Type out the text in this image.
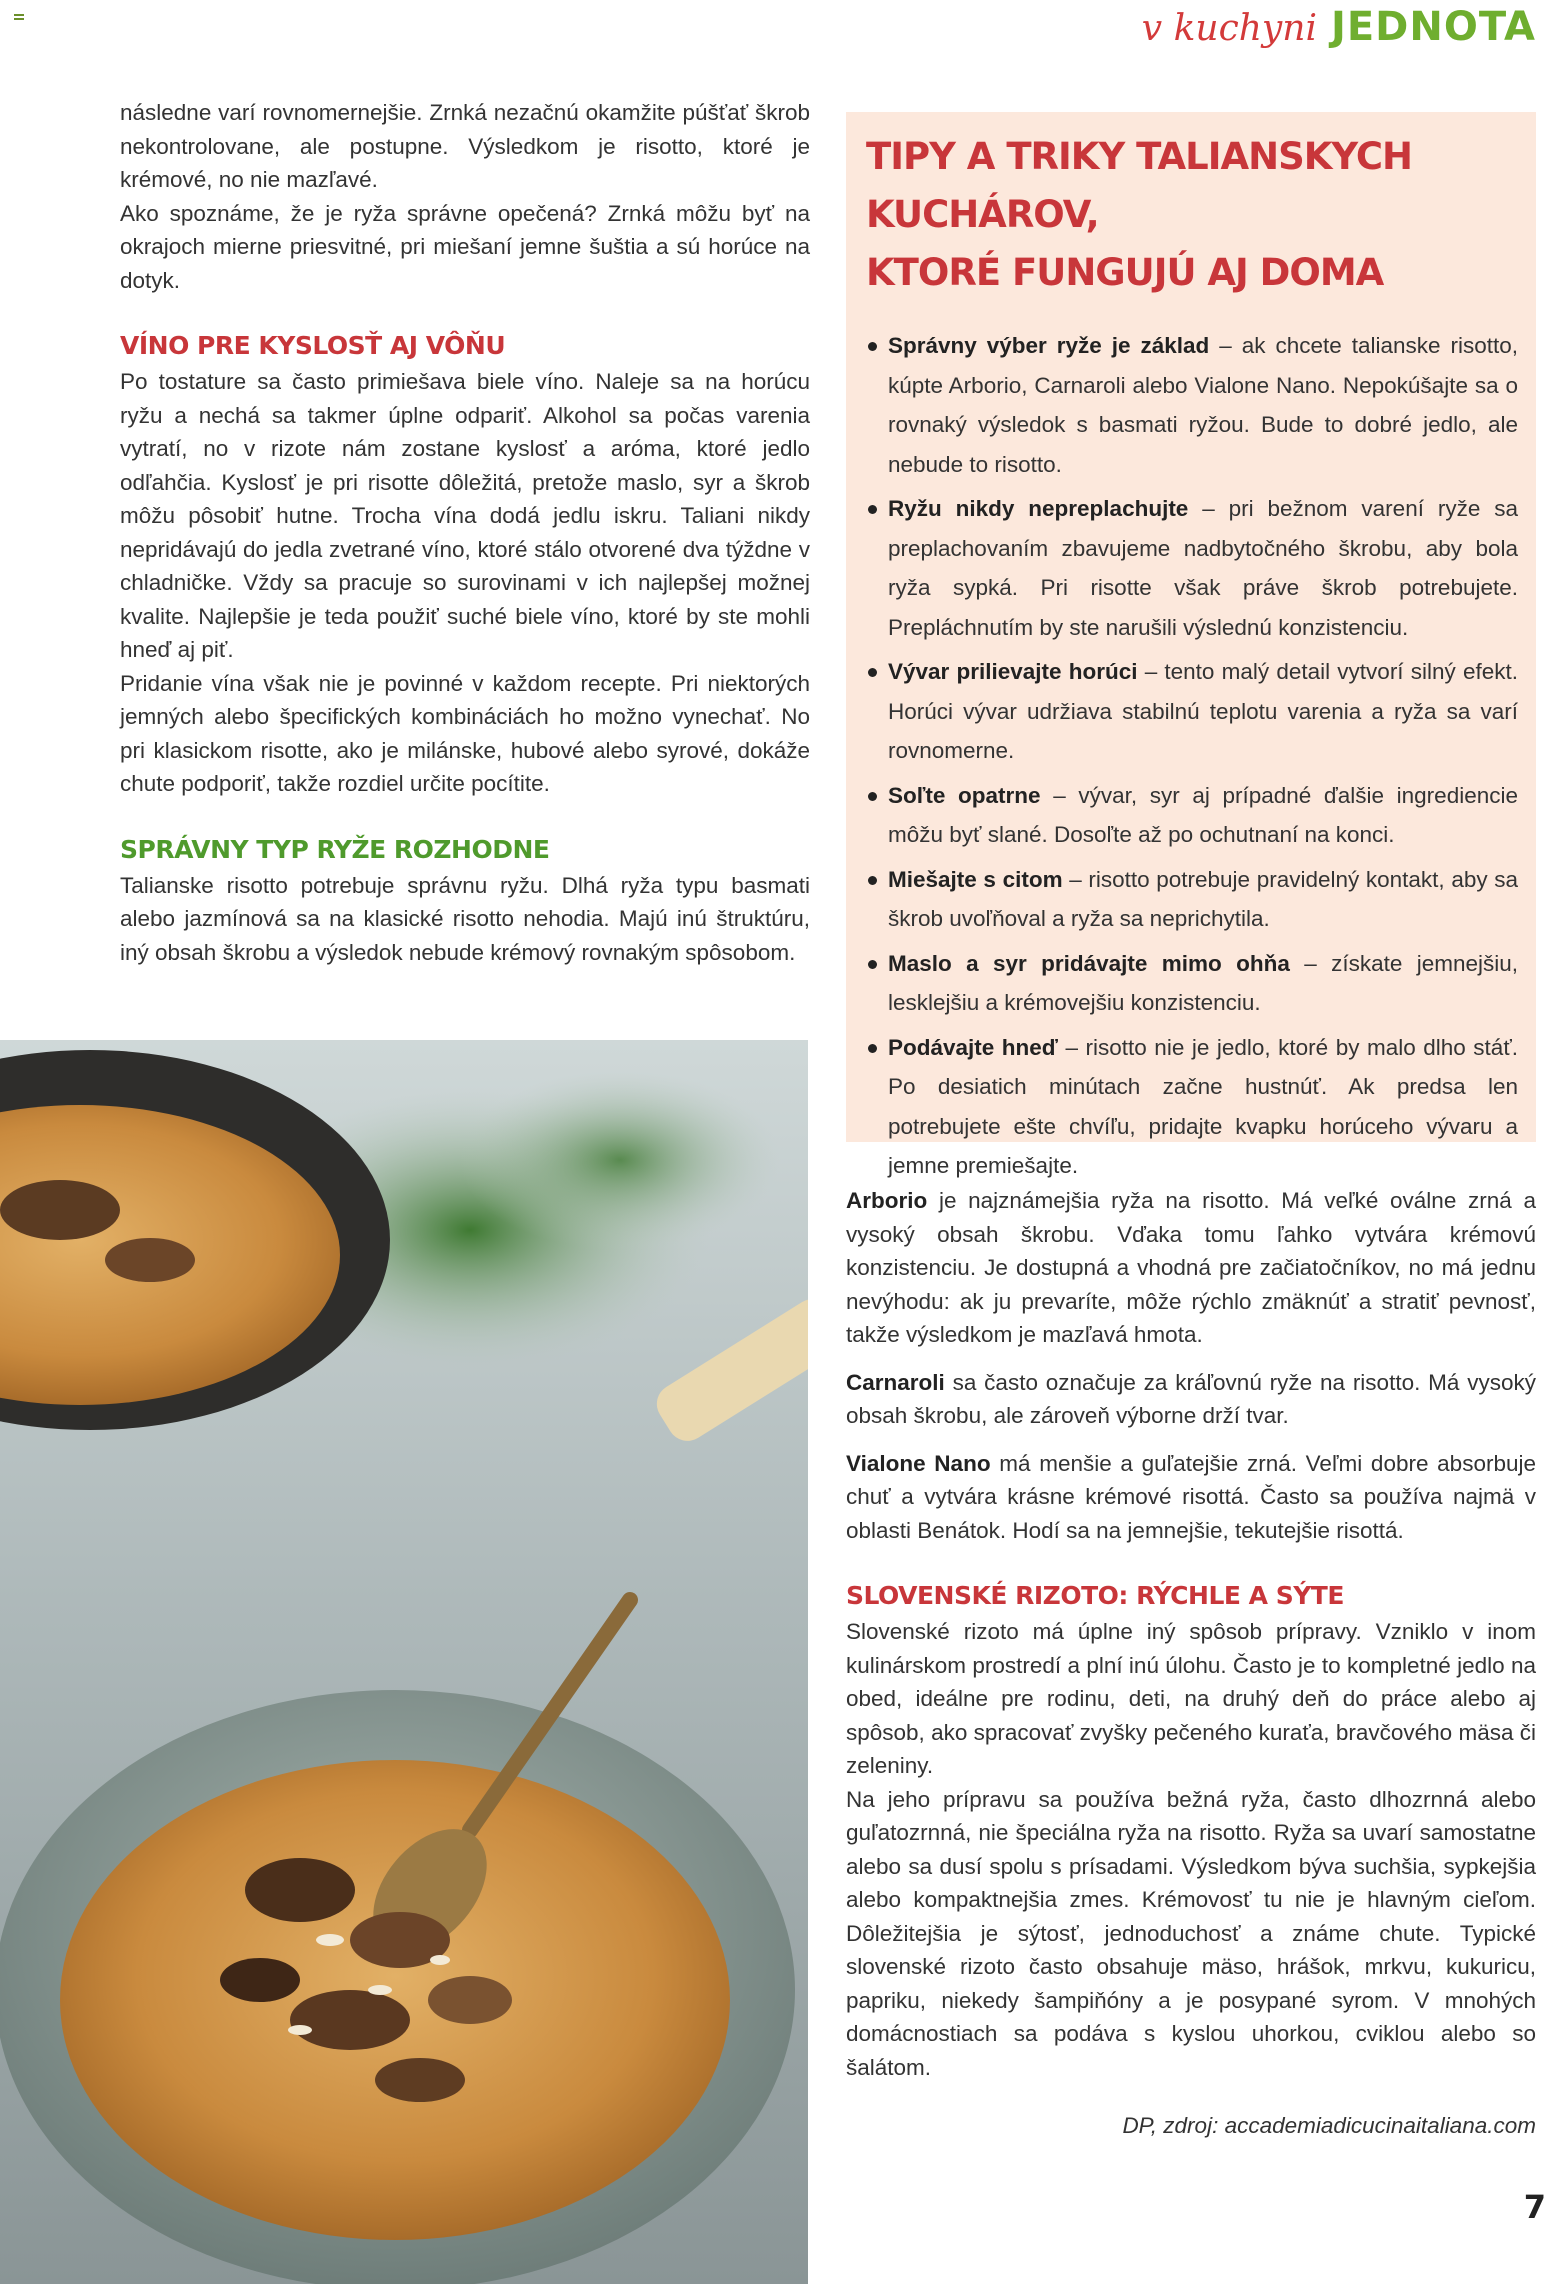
v kuchyni JEDNOTA

následne varí rovnomernejšie. Zrnká nezačnú okamžite púšťať škrob nekontrolovane, ale postupne. Výsledkom je risotto, ktoré je krémové, no nie mazľavé.

Ako spoznáme, že je ryža správne opečená? Zrnká môžu byť na okrajoch mierne priesvitné, pri miešaní jemne šuštia a sú horúce na dotyk.

VÍNO PRE KYSLOSŤ AJ VÔŇU

Po tostature sa často primiešava biele víno. Naleje sa na horúcu ryžu a nechá sa takmer úplne odpariť. Alkohol sa počas varenia vytratí, no v rizote nám zostane kyslosť a aróma, ktoré jedlo odľahčia. Kyslosť je pri risotte dôležitá, pretože maslo, syr a škrob môžu pôsobiť hutne. Trocha vína dodá jedlu iskru. Taliani nikdy nepridávajú do jedla zvetrané víno, ktoré stálo otvorené dva týždne v chladničke. Vždy sa pracuje so surovinami v ich najlepšej možnej kvalite. Najlepšie je teda použiť suché biele víno, ktoré by ste mohli hneď aj piť.

Pridanie vína však nie je povinné v každom recepte. Pri niektorých jemných alebo špecifických kombináciách ho možno vynechať. No pri klasickom risotte, ako je milánske, hubové alebo syrové, dokáže chute podporiť, takže rozdiel určite pocítite.

SPRÁVNY TYP RYŽE ROZHODNE

Talianske risotto potrebuje správnu ryžu. Dlhá ryža typu basmati alebo jazmínová sa na klasické risotto nehodia. Majú inú štruktúru, iný obsah škrobu a výsledok nebude krémový rovnakým spôsobom.

TIPY A TRIKY TALIANSKYCH KUCHÁROV,
KTORÉ FUNGUJÚ AJ DOMA
Správny výber ryže je základ – ak chcete talianske risotto, kúpte Arborio, Carnaroli alebo Vialone Nano. Nepokúšajte sa o rovnaký výsledok s basmati ryžou. Bude to dobré jedlo, ale nebude to risotto.
Ryžu nikdy nepreplachujte – pri bežnom varení ryže sa preplachovaním zbavujeme nadbytočného škrobu, aby bola ryža sypká. Pri risotte však práve škrob potrebujete. Prepláchnutím by ste narušili výslednú konzistenciu.
Vývar prilievajte horúci – tento malý detail vytvorí silný efekt. Horúci vývar udržiava stabilnú teplotu varenia a ryža sa varí rovnomerne.
Soľte opatrne – vývar, syr aj prípadné ďalšie ingrediencie môžu byť slané. Dosoľte až po ochutnaní na konci.
Miešajte s citom – risotto potrebuje pravidelný kontakt, aby sa škrob uvoľňoval a ryža sa neprichytila.
Maslo a syr pridávajte mimo ohňa – získate jemnejšiu, lesklejšiu a krémovejšiu konzistenciu.
Podávajte hneď – risotto nie je jedlo, ktoré by malo dlho stáť. Po desiatich minútach začne hustnúť. Ak predsa len potrebujete ešte chvíľu, pridajte kvapku horúceho vývaru a jemne premiešajte.

Arborio je najznámejšia ryža na risotto. Má veľké oválne zrná a vysoký obsah škrobu. Vďaka tomu ľahko vytvára krémovú konzistenciu. Je dostupná a vhodná pre začiatočníkov, no má jednu nevýhodu: ak ju prevaríte, môže rýchlo zmäknúť a stratiť pevnosť, takže výsledkom je mazľavá hmota.

Carnaroli sa často označuje za kráľovnú ryže na risotto. Má vysoký obsah škrobu, ale zároveň výborne drží tvar.

Vialone Nano má menšie a guľatejšie zrná. Veľmi dobre absorbuje chuť a vytvára krásne krémové risottá. Často sa používa najmä v oblasti Benátok. Hodí sa na jemnejšie, tekutejšie risottá.

SLOVENSKÉ RIZOTO: RÝCHLE A SÝTE

Slovenské rizoto má úplne iný spôsob prípravy. Vzniklo v inom kulinárskom prostredí a plní inú úlohu. Často je to kompletné jedlo na obed, ideálne pre rodinu, deti, na druhý deň do práce alebo aj spôsob, ako spracovať zvyšky pečeného kuraťa, bravčového mäsa či zeleniny.

Na jeho prípravu sa používa bežná ryža, často dlhozrnná alebo guľatozrnná, nie špeciálna ryža na risotto. Ryža sa uvarí samostatne alebo sa dusí spolu s prísadami. Výsledkom býva suchšia, sypkejšia alebo kompaktnejšia zmes. Krémovosť tu nie je hlavným cieľom. Dôležitejšia je sýtosť, jednoduchosť a známe chute. Typické slovenské rizoto často obsahuje mäso, hrášok, mrkvu, kukuricu, papriku, niekedy šampiňóny a je posypané syrom. V mnohých domácnostiach sa podáva s kyslou uhorkou, cviklou alebo so šalátom.

DP, zdroj: accademiadicucinaitaliana.com
7
